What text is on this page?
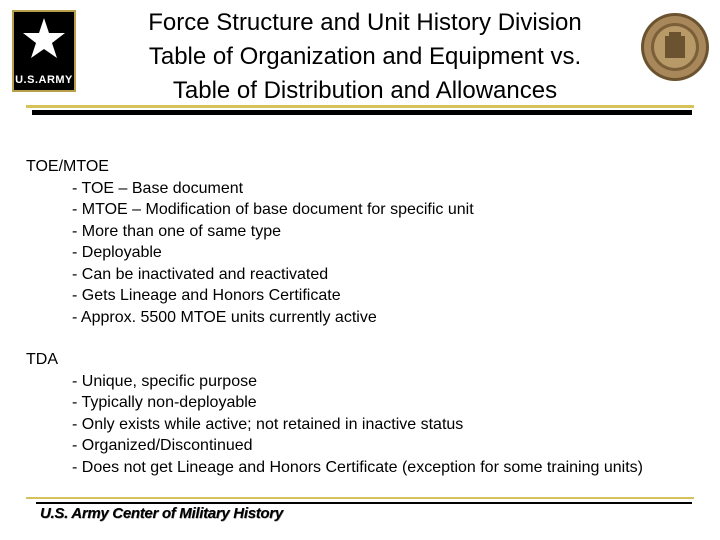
U.S.ARMY
Force Structure and Unit History Division
Table of Organization and Equipment vs.
Table of Distribution and Allowances
TOE/MTOE
- TOE – Base document
- MTOE – Modification of base document for specific unit
- More than one of same type
- Deployable
- Can be inactivated and reactivated
- Gets Lineage and Honors Certificate
- Approx. 5500 MTOE units currently active
TDA
- Unique, specific purpose
- Typically non-deployable
- Only exists while active; not retained in inactive status
- Organized/Discontinued
- Does not get Lineage and Honors Certificate (exception for some training units)
U.S. Army Center of Military History
